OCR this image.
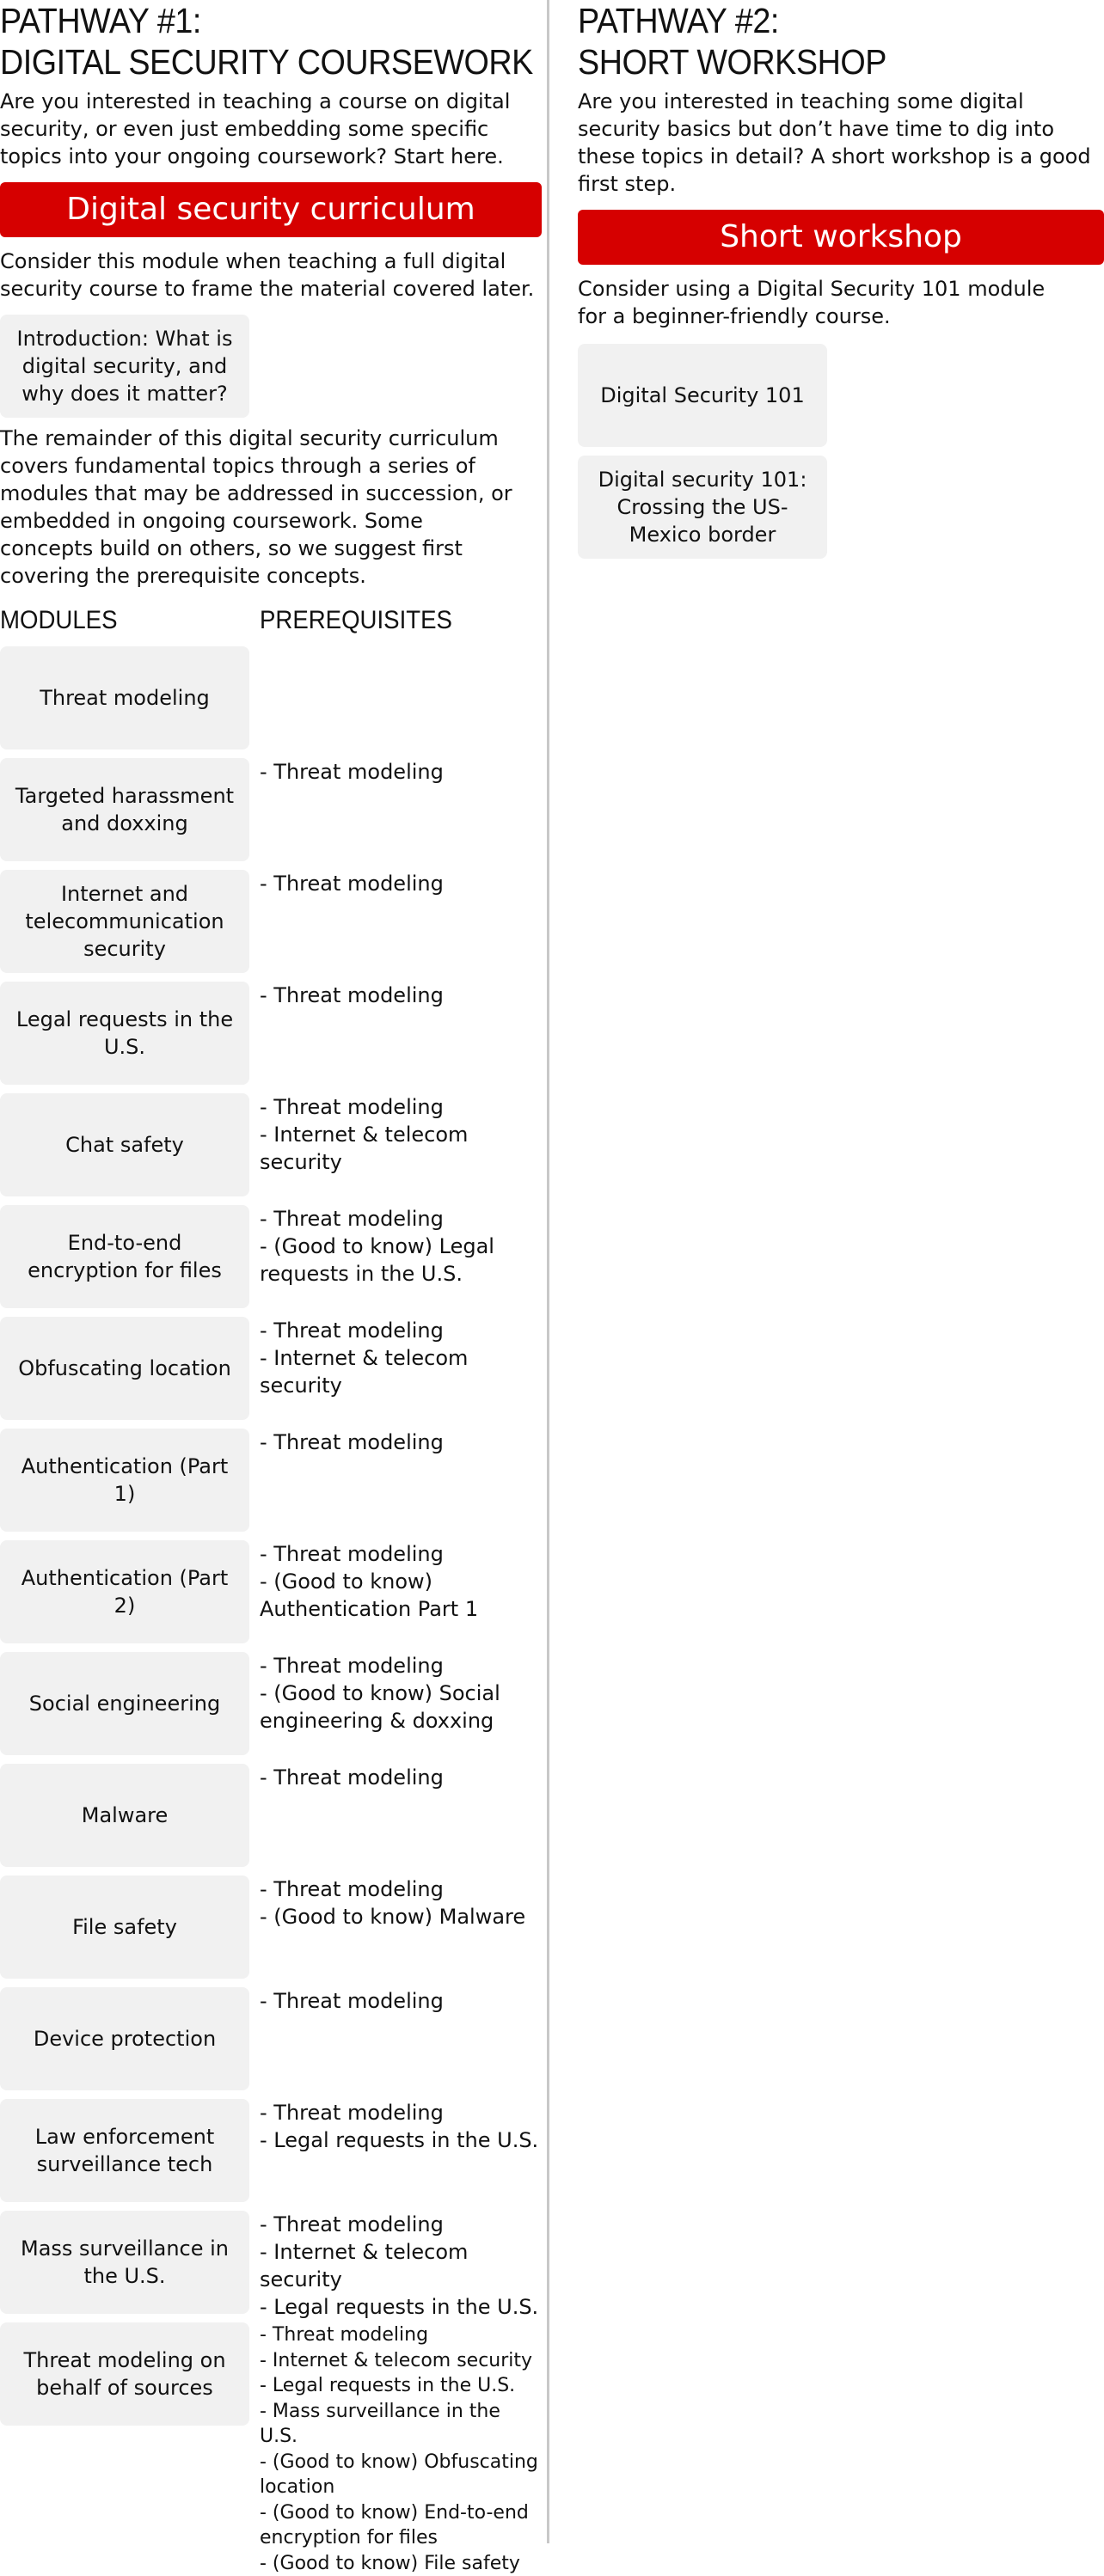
PATHWAY #1:
DIGITAL SECURITY COURSEWORK
Are you interested in teaching a course on digital security, or even just embedding some specific topics into your ongoing coursework? Start here.
Digital security curriculum
Consider this module when teaching a full digital security course to frame the material covered later.
Introduction: What is digital security, and why does it matter?
The remainder of this digital security curriculum covers fundamental topics through a series of modules that may be addressed in succession, or embedded in ongoing coursework. Some concepts build on others, so we suggest first covering the prerequisite concepts.
MODULES	PREREQUISITES
Threat modeling
Targeted harassment and doxxing
- Threat modeling
Internet and telecommunication security
- Threat modeling
Legal requests in the U.S.
- Threat modeling
Chat safety
- Threat modeling
- Internet & telecom security
End-to-end encryption for files
- Threat modeling
- (Good to know) Legal requests in the U.S.
Obfuscating location
- Threat modeling
- Internet & telecom security
Authentication (Part 1)
- Threat modeling
Authentication (Part 2)
- Threat modeling
- (Good to know) Authentication Part 1
Social engineering
- Threat modeling
- (Good to know) Social engineering & doxxing
Malware
- Threat modeling
File safety
- Threat modeling
- (Good to know) Malware
Device protection
- Threat modeling
Law enforcement surveillance tech
- Threat modeling
- Legal requests in the U.S.
Mass surveillance in the U.S.
- Threat modeling
- Internet & telecom security
- Legal requests in the U.S.
Threat modeling on behalf of sources
- Threat modeling
- Internet & telecom security
- Legal requests in the U.S.
- Mass surveillance in the U.S.
- (Good to know) Obfuscating location
- (Good to know) End-to-end encryption for files
- (Good to know) File safety
PATHWAY #2:
SHORT WORKSHOP
Are you interested in teaching some digital security basics but don’t have time to dig into these topics in detail? A short workshop is a good first step.
Short workshop
Consider using a Digital Security 101 module for a beginner-friendly course.
Digital Security 101
Digital security 101: Crossing the US-Mexico border
